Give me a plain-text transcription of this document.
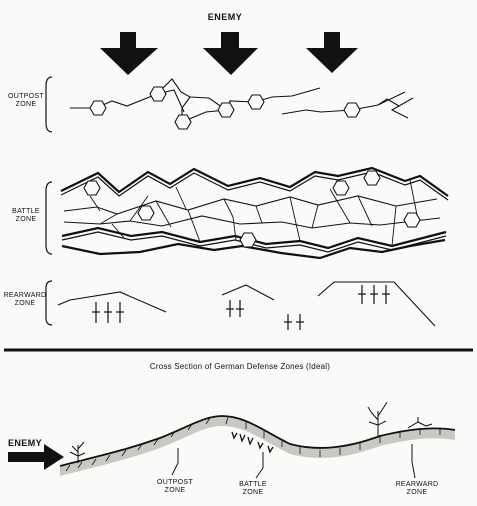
ENEMY
OUTPOST
ZONE
BATTLE
ZONE
REARWARD
ZONE
Cross Section of German Defense Zones (Ideal)
ENEMY
OUTPOST
ZONE
BATTLE
ZONE
REARWARD
ZONE
